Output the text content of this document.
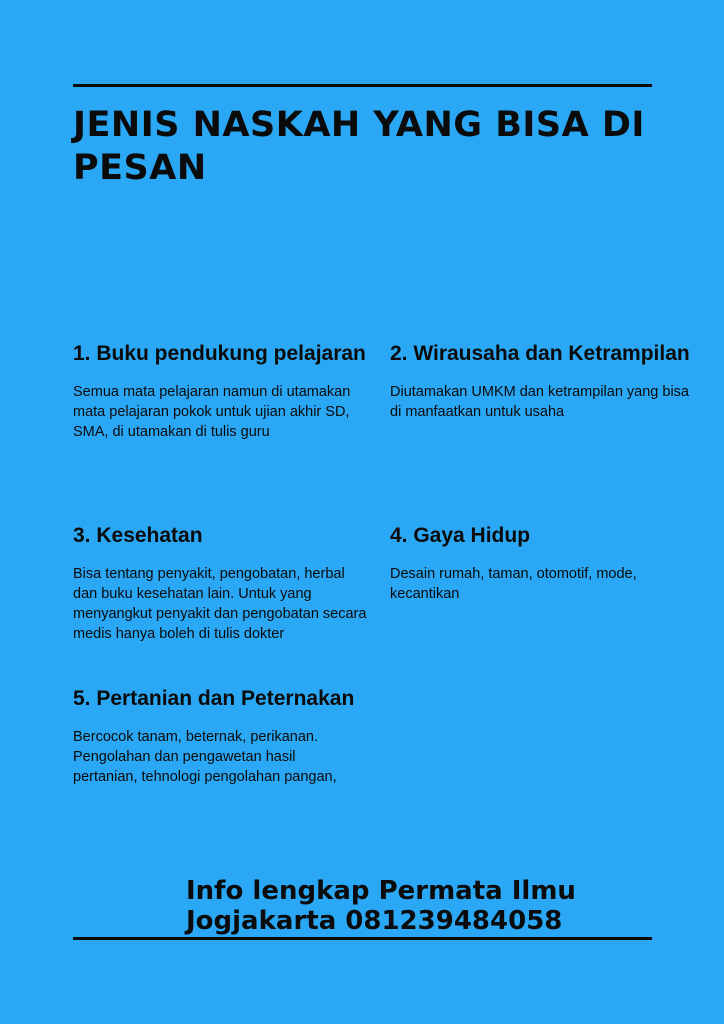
JENIS NASKAH YANG BISA DI PESAN
1. Buku pendukung pelajaran

Semua mata pelajaran namun di utamakan mata pelajaran pokok untuk ujian akhir SD, SMA, di utamakan di tulis guru

2. Wirausaha dan Ketrampilan

Diutamakan UMKM dan ketrampilan yang bisa di manfaatkan untuk usaha

3. Kesehatan

Bisa tentang penyakit, pengobatan, herbal dan buku kesehatan lain. Untuk yang menyangkut penyakit dan pengobatan secara medis hanya boleh di tulis dokter

4. Gaya Hidup

Desain rumah, taman, otomotif, mode, kecantikan

5. Pertanian dan Peternakan

Bercocok tanam, beternak, perikanan. Pengolahan dan pengawetan hasil pertanian, tehnologi pengolahan pangan,

Info lengkap Permata Ilmu
Jogjakarta 081239484058
